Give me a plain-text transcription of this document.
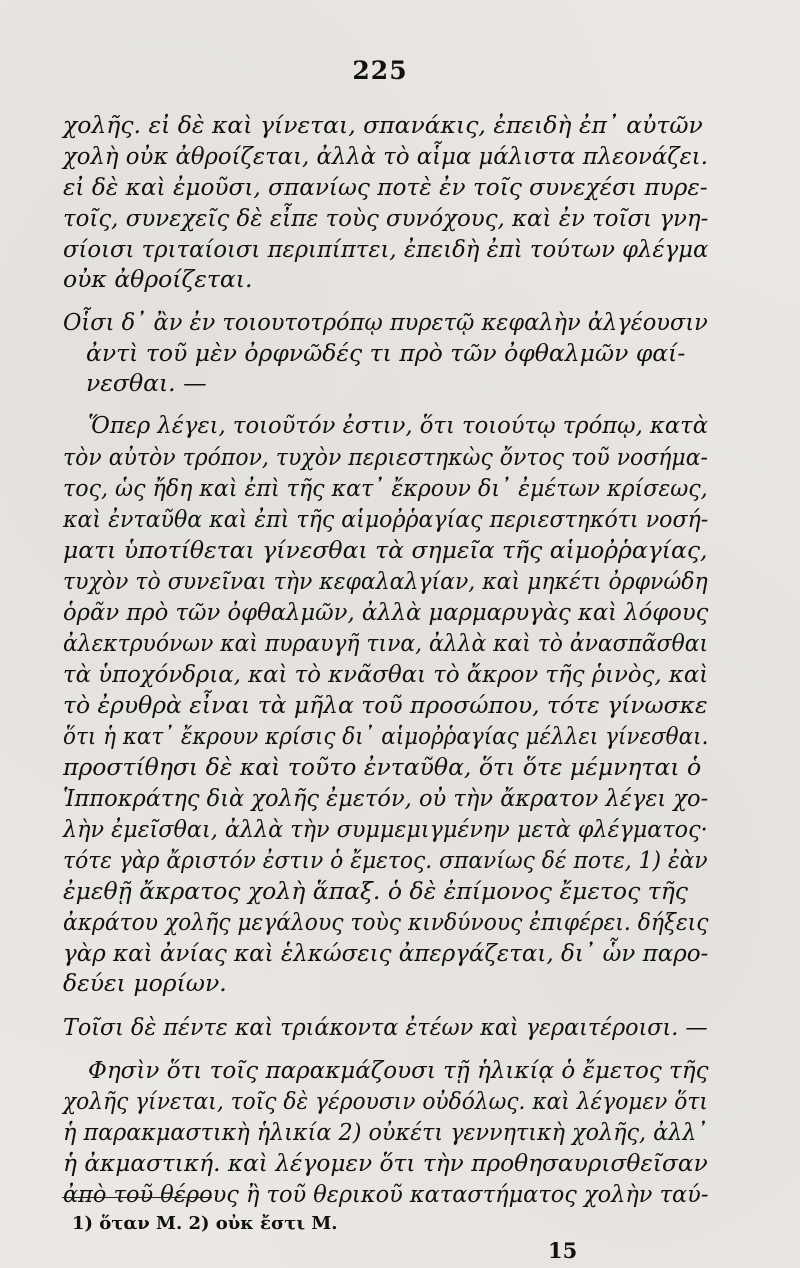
225
χολῆς. εἰ δὲ καὶ γίνεται, σπανάκις, ἐπειδὴ ἐπ᾽ αὐτῶν
χολὴ οὐκ ἀθροίζεται, ἀλλὰ τὸ αἷμα μάλιστα πλεονάζει.
εἰ δὲ καὶ ἐμοῦσι, σπανίως ποτὲ ἐν τοῖς συνεχέσι πυρε-
τοῖς, συνεχεῖς δὲ εἶπε τοὺς συνόχους, καὶ ἐν τοῖσι γνη-
σίοισι τριταίοισι περιπίπτει, ἐπειδὴ ἐπὶ τούτων φλέγμα
οὐκ ἀθροίζεται.
Οἷσι δ᾽ ἂν ἐν τοιουτοτρόπῳ πυρετῷ κεφαλὴν ἀλγέουσιν
ἀντὶ τοῦ μὲν ὀρφνῶδές τι πρὸ τῶν ὀφθαλμῶν φαί-
νεσθαι. —
Ὅπερ λέγει, τοιοῦτόν ἐστιν, ὅτι τοιούτῳ τρόπῳ, κατὰ
τὸν αὐτὸν τρόπον, τυχὸν περιεστηκὼς ὄντος τοῦ νοσήμα-
τος, ὡς ἤδη καὶ ἐπὶ τῆς κατ᾽ ἔκρουν δι᾽ ἐμέτων κρίσεως,
καὶ ἐνταῦθα καὶ ἐπὶ τῆς αἱμοῤῥαγίας περιεστηκότι νοσή-
ματι ὑποτίθεται γίνεσθαι τὰ σημεῖα τῆς αἱμοῤῥαγίας,
τυχὸν τὸ συνεῖναι τὴν κεφαλαλγίαν, καὶ μηκέτι ὀρφνώδη
ὁρᾶν πρὸ τῶν ὀφθαλμῶν, ἀλλὰ μαρμαρυγὰς καὶ λόφους
ἀλεκτρυόνων καὶ πυραυγῆ τινα, ἀλλὰ καὶ τὸ ἀνασπᾶσθαι
τὰ ὑποχόνδρια, καὶ τὸ κνᾶσθαι τὸ ἄκρον τῆς ῥινὸς, καὶ
τὸ ἐρυθρὰ εἶναι τὰ μῆλα τοῦ προσώπου, τότε γίνωσκε
ὅτι ἡ κατ᾽ ἔκρουν κρίσις δι᾽ αἱμοῤῥαγίας μέλλει γίνεσθαι.
προστίθησι δὲ καὶ τοῦτο ἐνταῦθα, ὅτι ὅτε μέμνηται ὁ
Ἱπποκράτης διὰ χολῆς ἐμετόν, οὐ τὴν ἄκρατον λέγει χο-
λὴν ἐμεῖσθαι, ἀλλὰ τὴν συμμεμιγμένην μετὰ φλέγματος·
τότε γὰρ ἄριστόν ἐστιν ὁ ἔμετος. σπανίως δέ ποτε, 1) ἐὰν
ἐμεθῇ ἄκρατος χολὴ ἅπαξ. ὁ δὲ ἐπίμονος ἔμετος τῆς
ἀκράτου χολῆς μεγάλους τοὺς κινδύνους ἐπιφέρει. δήξεις
γὰρ καὶ ἀνίας καὶ ἑλκώσεις ἀπεργάζεται, δι᾽ ὧν παρο-
δεύει μορίων.
Τοῖσι δὲ πέντε καὶ τριάκοντα ἐτέων καὶ γεραιτέροισι. —
Φησὶν ὅτι τοῖς παρακμάζουσι τῇ ἡλικίᾳ ὁ ἔμετος τῆς
χολῆς γίνεται, τοῖς δὲ γέρουσιν οὐδόλως. καὶ λέγομεν ὅτι
ἡ παρακμαστικὴ ἡλικία 2) οὐκέτι γεννητικὴ χολῆς, ἀλλ᾽
ἡ ἀκμαστική. καὶ λέγομεν ὅτι τὴν προθησαυρισθεῖσαν
ἀπὸ τοῦ θέρους ἢ τοῦ θερικοῦ καταστήματος χολὴν ταύ-
1) ὅταν Μ. 2) οὐκ ἔστι Μ.
15
